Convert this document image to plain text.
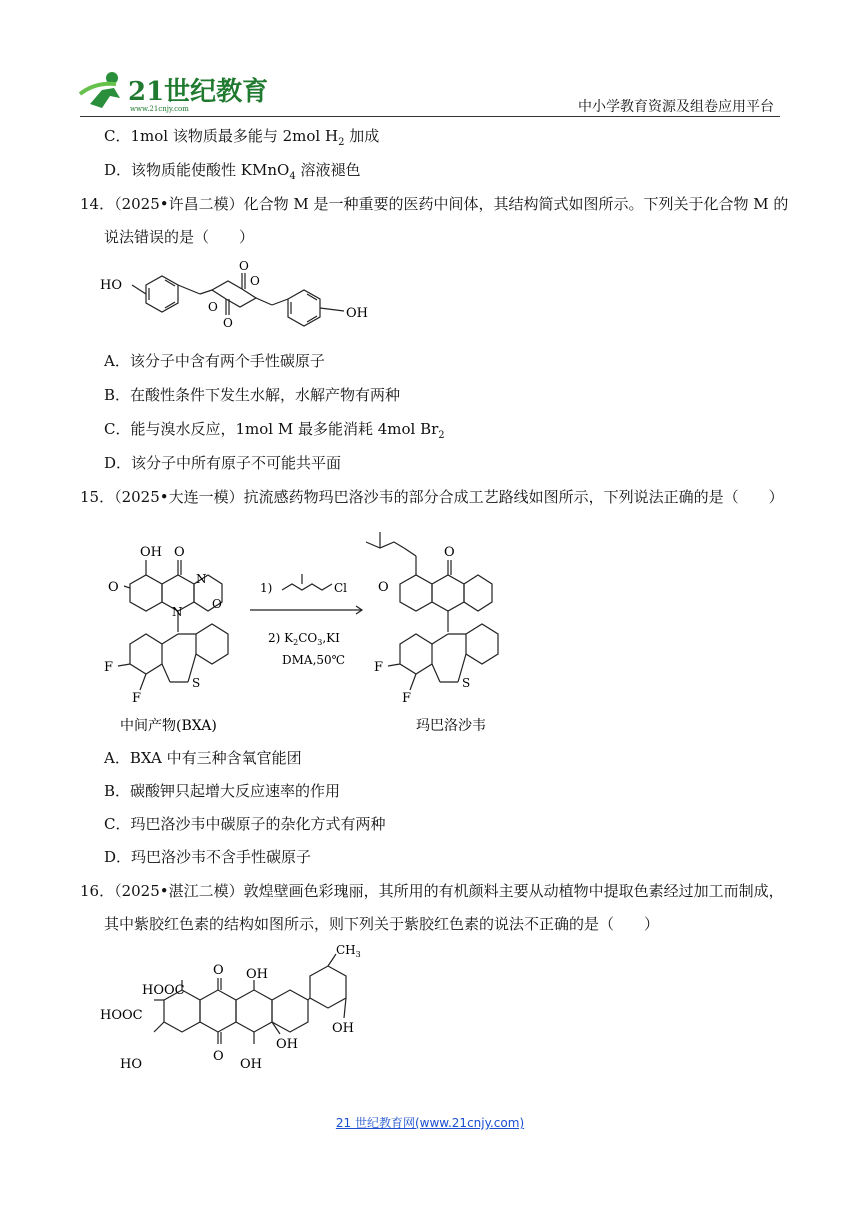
21世纪教育
www.21cnjy.com	中小学教育资源及组卷应用平台
C．1mol 该物质最多能与 2mol $H_2$ 加成
D．该物质能使酸性 KMnO$_4$ 溶液褪色
14．（2025•许昌二模）化合物 M 是一种重要的医药中间体，其结构简式如图所示。下列关于化合物 M 的
说法错误的是（　　）
HO
OH
O
O
O
O
A．该分子中含有两个手性碳原子
B．在酸性条件下发生水解，水解产物有两种
C．能与溴水反应，1mol M 最多能消耗 4mol $Br_2$
D．该分子中所有原子不可能共平面
15．（2025•大连一模）抗流感药物玛巴洛沙韦的部分合成工艺路线如图所示，下列说法正确的是（　　）
OH O
O
N
N
O
F
F
S
1)	Cl
2) $K_2CO_3,KI$
DMA,50℃
O
O
F
F
S
中间产物(BXA)	玛巴洛沙韦
A．BXA 中有三种含氧官能团
B．碳酸钾只起增大反应速率的作用
C．玛巴洛沙韦中碳原子的杂化方式有两种
D．玛巴洛沙韦不含手性碳原子
16．（2025•湛江二模）敦煌壁画色彩瑰丽，其所用的有机颜料主要从动植物中提取色素经过加工而制成，
其中紫胶红色素的结构如图所示，则下列关于紫胶红色素的说法不正确的是（　　）
$CH_3$
HOOC
HOOC
HO
O
O
OH
OH
OH
OH
21 世纪教育网(www.21cnjy.com)
